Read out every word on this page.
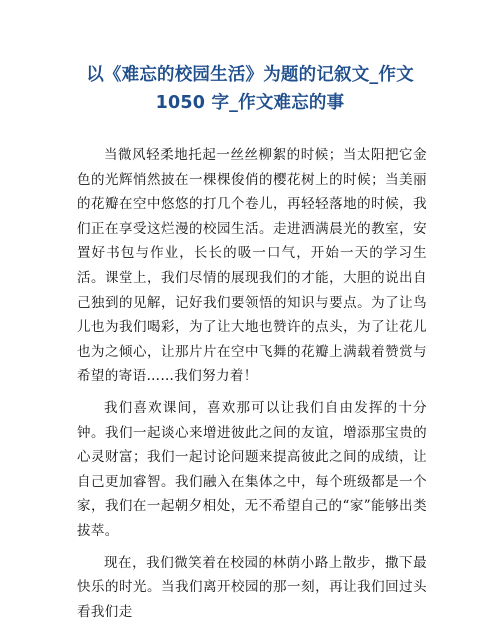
以《难忘的校园生活》为题的记叙文_作文
1050 字_作文难忘的事

当微风轻柔地托起一丝丝柳絮的时候；当太阳把它金色的光辉悄然披在一棵棵俊俏的樱花树上的时候；当美丽的花瓣在空中悠悠的打几个卷儿，再轻轻落地的时候，我们正在享受这烂漫的校园生活。走进洒满晨光的教室，安置好书包与作业，长长的吸一口气，开始一天的学习生活。课堂上，我们尽情的展现我们的才能，大胆的说出自己独到的见解，记好我们要领悟的知识与要点。为了让鸟儿也为我们喝彩，为了让大地也赞许的点头，为了让花儿也为之倾心，让那片片在空中飞舞的花瓣上满载着赞赏与希望的寄语……我们努力着！

我们喜欢课间，喜欢那可以让我们自由发挥的十分钟。我们一起谈心来增进彼此之间的友谊，增添那宝贵的心灵财富；我们一起讨论问题来提高彼此之间的成绩，让自己更加睿智。我们融入在集体之中，每个班级都是一个家，我们在一起朝夕相处，无不希望自己的“家”能够出类拔萃。

现在，我们微笑着在校园的林荫小路上散步，撒下最快乐的时光。当我们离开校园的那一刻，再让我们回过头看我们走
